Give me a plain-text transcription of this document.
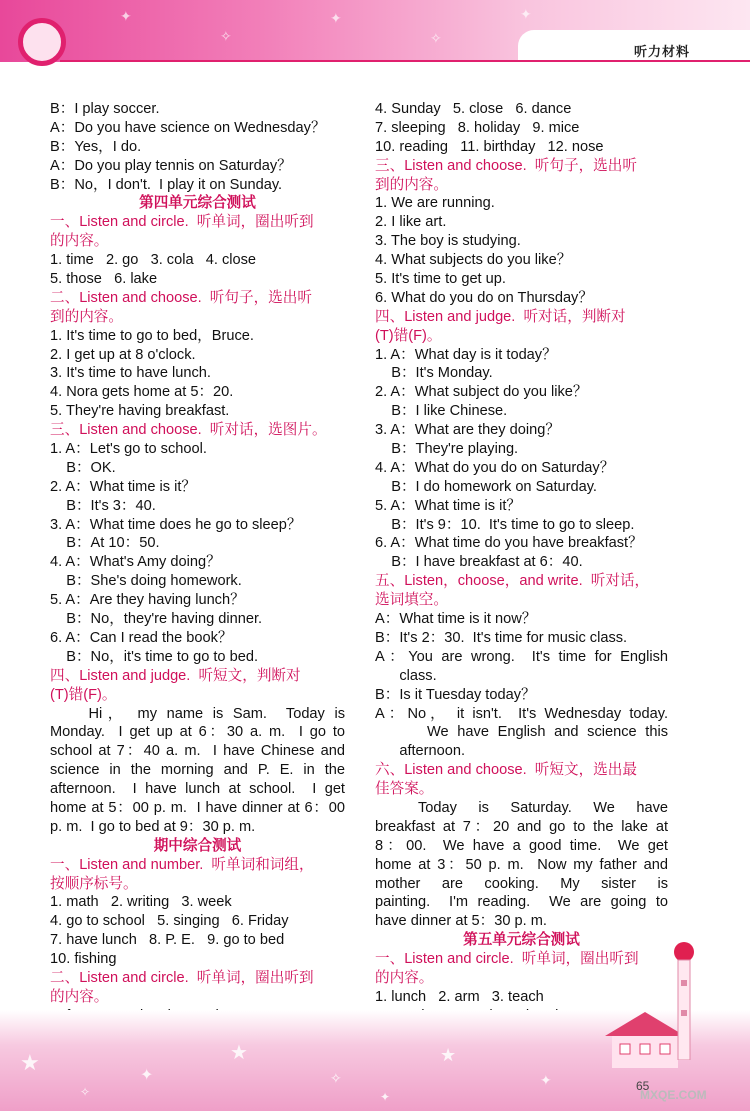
✦
✧
✦
✧
✦
听力材料
B：I play soccer.
A：Do you have science on Wednesday？
B：Yes，I do.
A：Do you play tennis on Saturday？
B：No，I don't.  I play it on Sunday.
第四单元综合测试
一、Listen and circle.  听单词，圈出听到
的内容。
1. time   2. go   3. cola   4. close
5. those   6. lake
二、Listen and choose.  听句子，选出听
到的内容。
1. It's time to go to bed，Bruce.
2. I get up at 8 o'clock.
3. It's time to have lunch.
4. Nora gets home at 5：20.
5. They're having breakfast.
三、Listen and choose.  听对话，选图片。
1. A：Let's go to school.
B：OK.
2. A：What time is it？
B：It's 3：40.
3. A：What time does he go to sleep？
B：At 10：50.
4. A：What's Amy doing？
B：She's doing homework.
5. A：Are they having lunch？
B：No，they're having dinner.
6. A：Can I read the book？
B：No，it's time to go to bed.
四、Listen and judge.  听短文，判断对
(T)错(F)。
Hi， my name is Sam.  Today is
Monday.  I get up at 6：30 a. m.  I go to
school at 7：40 a. m.  I have Chinese and
science in the morning and P. E. in the
afternoon.  I have lunch at school.  I get
home at 5：00 p. m.  I have dinner at 6：00
p. m.  I go to bed at 9：30 p. m.
期中综合测试
一、Listen and number.  听单词和词组，
按顺序标号。
1. math   2. writing   3. week
4. go to school   5. singing   6. Friday
7. have lunch   8. P. E.   9. go to bed
10. fishing
二、Listen and circle.  听单词，圈出听到
的内容。
4. Sunday   5. close   6. dance
7. sleeping   8. holiday   9. mice
10. reading   11. birthday   12. nose
三、Listen and choose.  听句子，选出听
到的内容。
1. We are running.
2. I like art.
3. The boy is studying.
4. What subjects do you like？
5. It's time to get up.
6. What do you do on Thursday？
四、Listen and judge.  听对话，判断对
(T)错(F)。
1. A：What day is it today？
B：It's Monday.
2. A：What subject do you like？
B：I like Chinese.
3. A：What are they doing？
B：They're playing.
4. A：What do you do on Saturday？
B：I do homework on Saturday.
5. A：What time is it？
B：It's 9：10.  It's time to go to sleep.
6. A：What time do you have breakfast？
B：I have breakfast at 6：40.
五、Listen，choose，and write.  听对话，
选词填空。
A：What time is it now？
B：It's 2：30.  It's time for music class.
A：You are wrong.  It's time for English
class.
B：Is it Tuesday today？
A：No， it isn't.  It's Wednesday today.
We have English and science this
afternoon.
六、Listen and choose.  听短文，选出最
佳答案。
Today  is  Saturday.  We  have
breakfast at 7：20 and go to the lake at
8：00.  We have a good time.  We get
home at 3：50 p. m.  Now my father and
mother  are  cooking.  My  sister  is
painting.  I'm reading.  We are going to
have dinner at 5：30 p. m.
第五单元综合测试
一、Listen and circle.  听单词，圈出听到
的内容。
1. lunch   2. arm   3. teach
★
✦
★
✧
★
✦
✧	✦
65
MXQE.COM
